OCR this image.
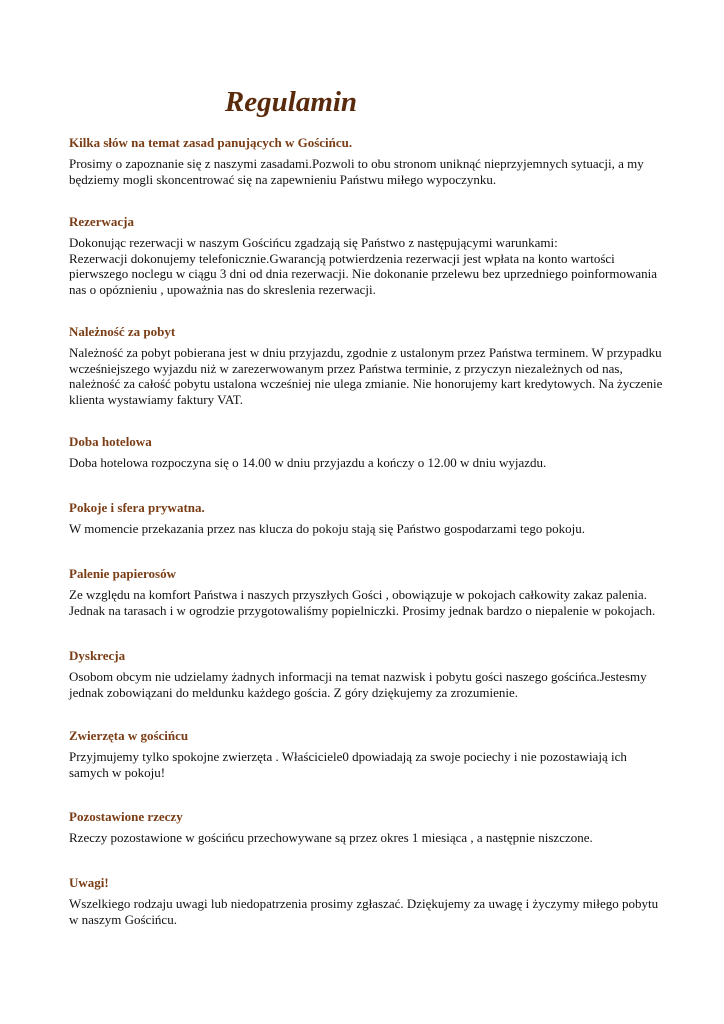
Regulamin
Kilka słów na temat zasad panujących w Gościńcu.

Prosimy o zapoznanie się z naszymi zasadami.Pozwoli to obu stronom uniknąć nieprzyjemnych sytuacji, a my
będziemy mogli skoncentrować się na zapewnieniu Państwu miłego wypoczynku.

Rezerwacja

Dokonując rezerwacji w naszym Gościńcu zgadzają się Państwo z następującymi warunkami:
Rezerwacji dokonujemy telefonicznie.Gwarancją potwierdzenia rezerwacji jest wpłata na konto wartości
pierwszego noclegu w ciągu 3 dni od dnia rezerwacji. Nie dokonanie przelewu bez uprzedniego poinformowania
nas o opóznieniu , upoważnia nas do skreslenia rezerwacji.

Należność za pobyt

Należność za pobyt pobierana jest w dniu przyjazdu, zgodnie z ustalonym przez Państwa terminem. W przypadku
wcześniejszego wyjazdu niż w zarezerwowanym przez Państwa terminie, z przyczyn niezależnych od nas,
należność za całość pobytu ustalona wcześniej nie ulega zmianie. Nie honorujemy kart kredytowych. Na życzenie
klienta wystawiamy faktury VAT.

Doba hotelowa

Doba hotelowa rozpoczyna się o 14.00 w dniu przyjazdu a kończy o 12.00 w dniu wyjazdu.

Pokoje i sfera prywatna.

W momencie przekazania przez nas klucza do pokoju stają się Państwo gospodarzami tego pokoju.

Palenie papierosów

Ze względu na komfort Państwa i naszych przyszłych Gości , obowiązuje w pokojach całkowity zakaz palenia.
Jednak na tarasach i w ogrodzie przygotowaliśmy popielniczki. Prosimy jednak bardzo o niepalenie w pokojach.

Dyskrecja

Osobom obcym nie udzielamy żadnych informacji na temat nazwisk i pobytu gości naszego gościńca.Jestesmy
jednak zobowiązani do meldunku każdego gościa. Z góry dziękujemy za zrozumienie.

Zwierzęta w gościńcu

Przyjmujemy tylko spokojne zwierzęta . Właściciele0 dpowiadają za swoje pociechy i nie pozostawiają ich
samych w pokoju!

Pozostawione rzeczy

Rzeczy pozostawione w gościńcu przechowywane są przez okres 1 miesiąca , a następnie niszczone.

Uwagi!

Wszelkiego rodzaju uwagi lub niedopatrzenia prosimy zgłaszać. Dziękujemy za uwagę i życzymy miłego pobytu
w naszym Gościńcu.
